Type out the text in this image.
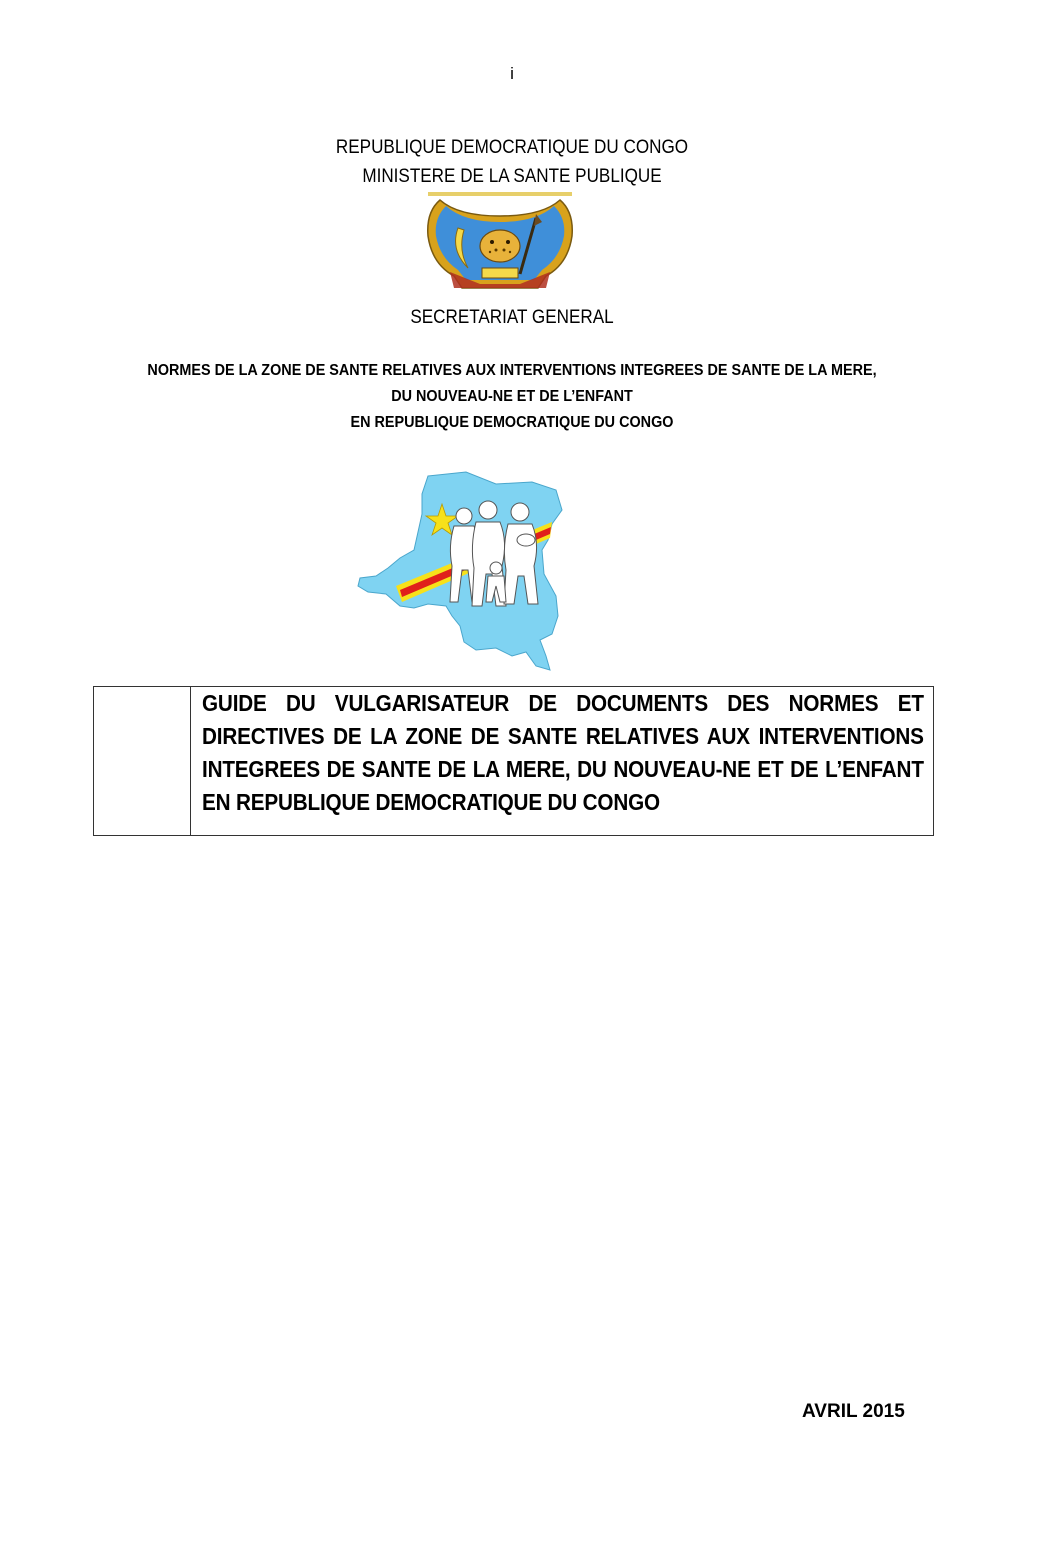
i
REPUBLIQUE DEMOCRATIQUE DU CONGO
MINISTERE DE LA SANTE PUBLIQUE
SECRETARIAT GENERAL
NORMES DE LA ZONE DE SANTE RELATIVES AUX INTERVENTIONS INTEGREES DE SANTE DE LA MERE,
DU NOUVEAU-NE ET DE L’ENFANT
EN REPUBLIQUE DEMOCRATIQUE DU CONGO
GUIDE DU VULGARISATEUR DE DOCUMENTS DES NORMES ET DIRECTIVES DE LA ZONE DE SANTE RELATIVES AUX INTERVENTIONS INTEGREES DE SANTE DE LA MERE, DU NOUVEAU-NE ET DE L’ENFANT EN REPUBLIQUE DEMOCRATIQUE DU CONGO
AVRIL 2015
